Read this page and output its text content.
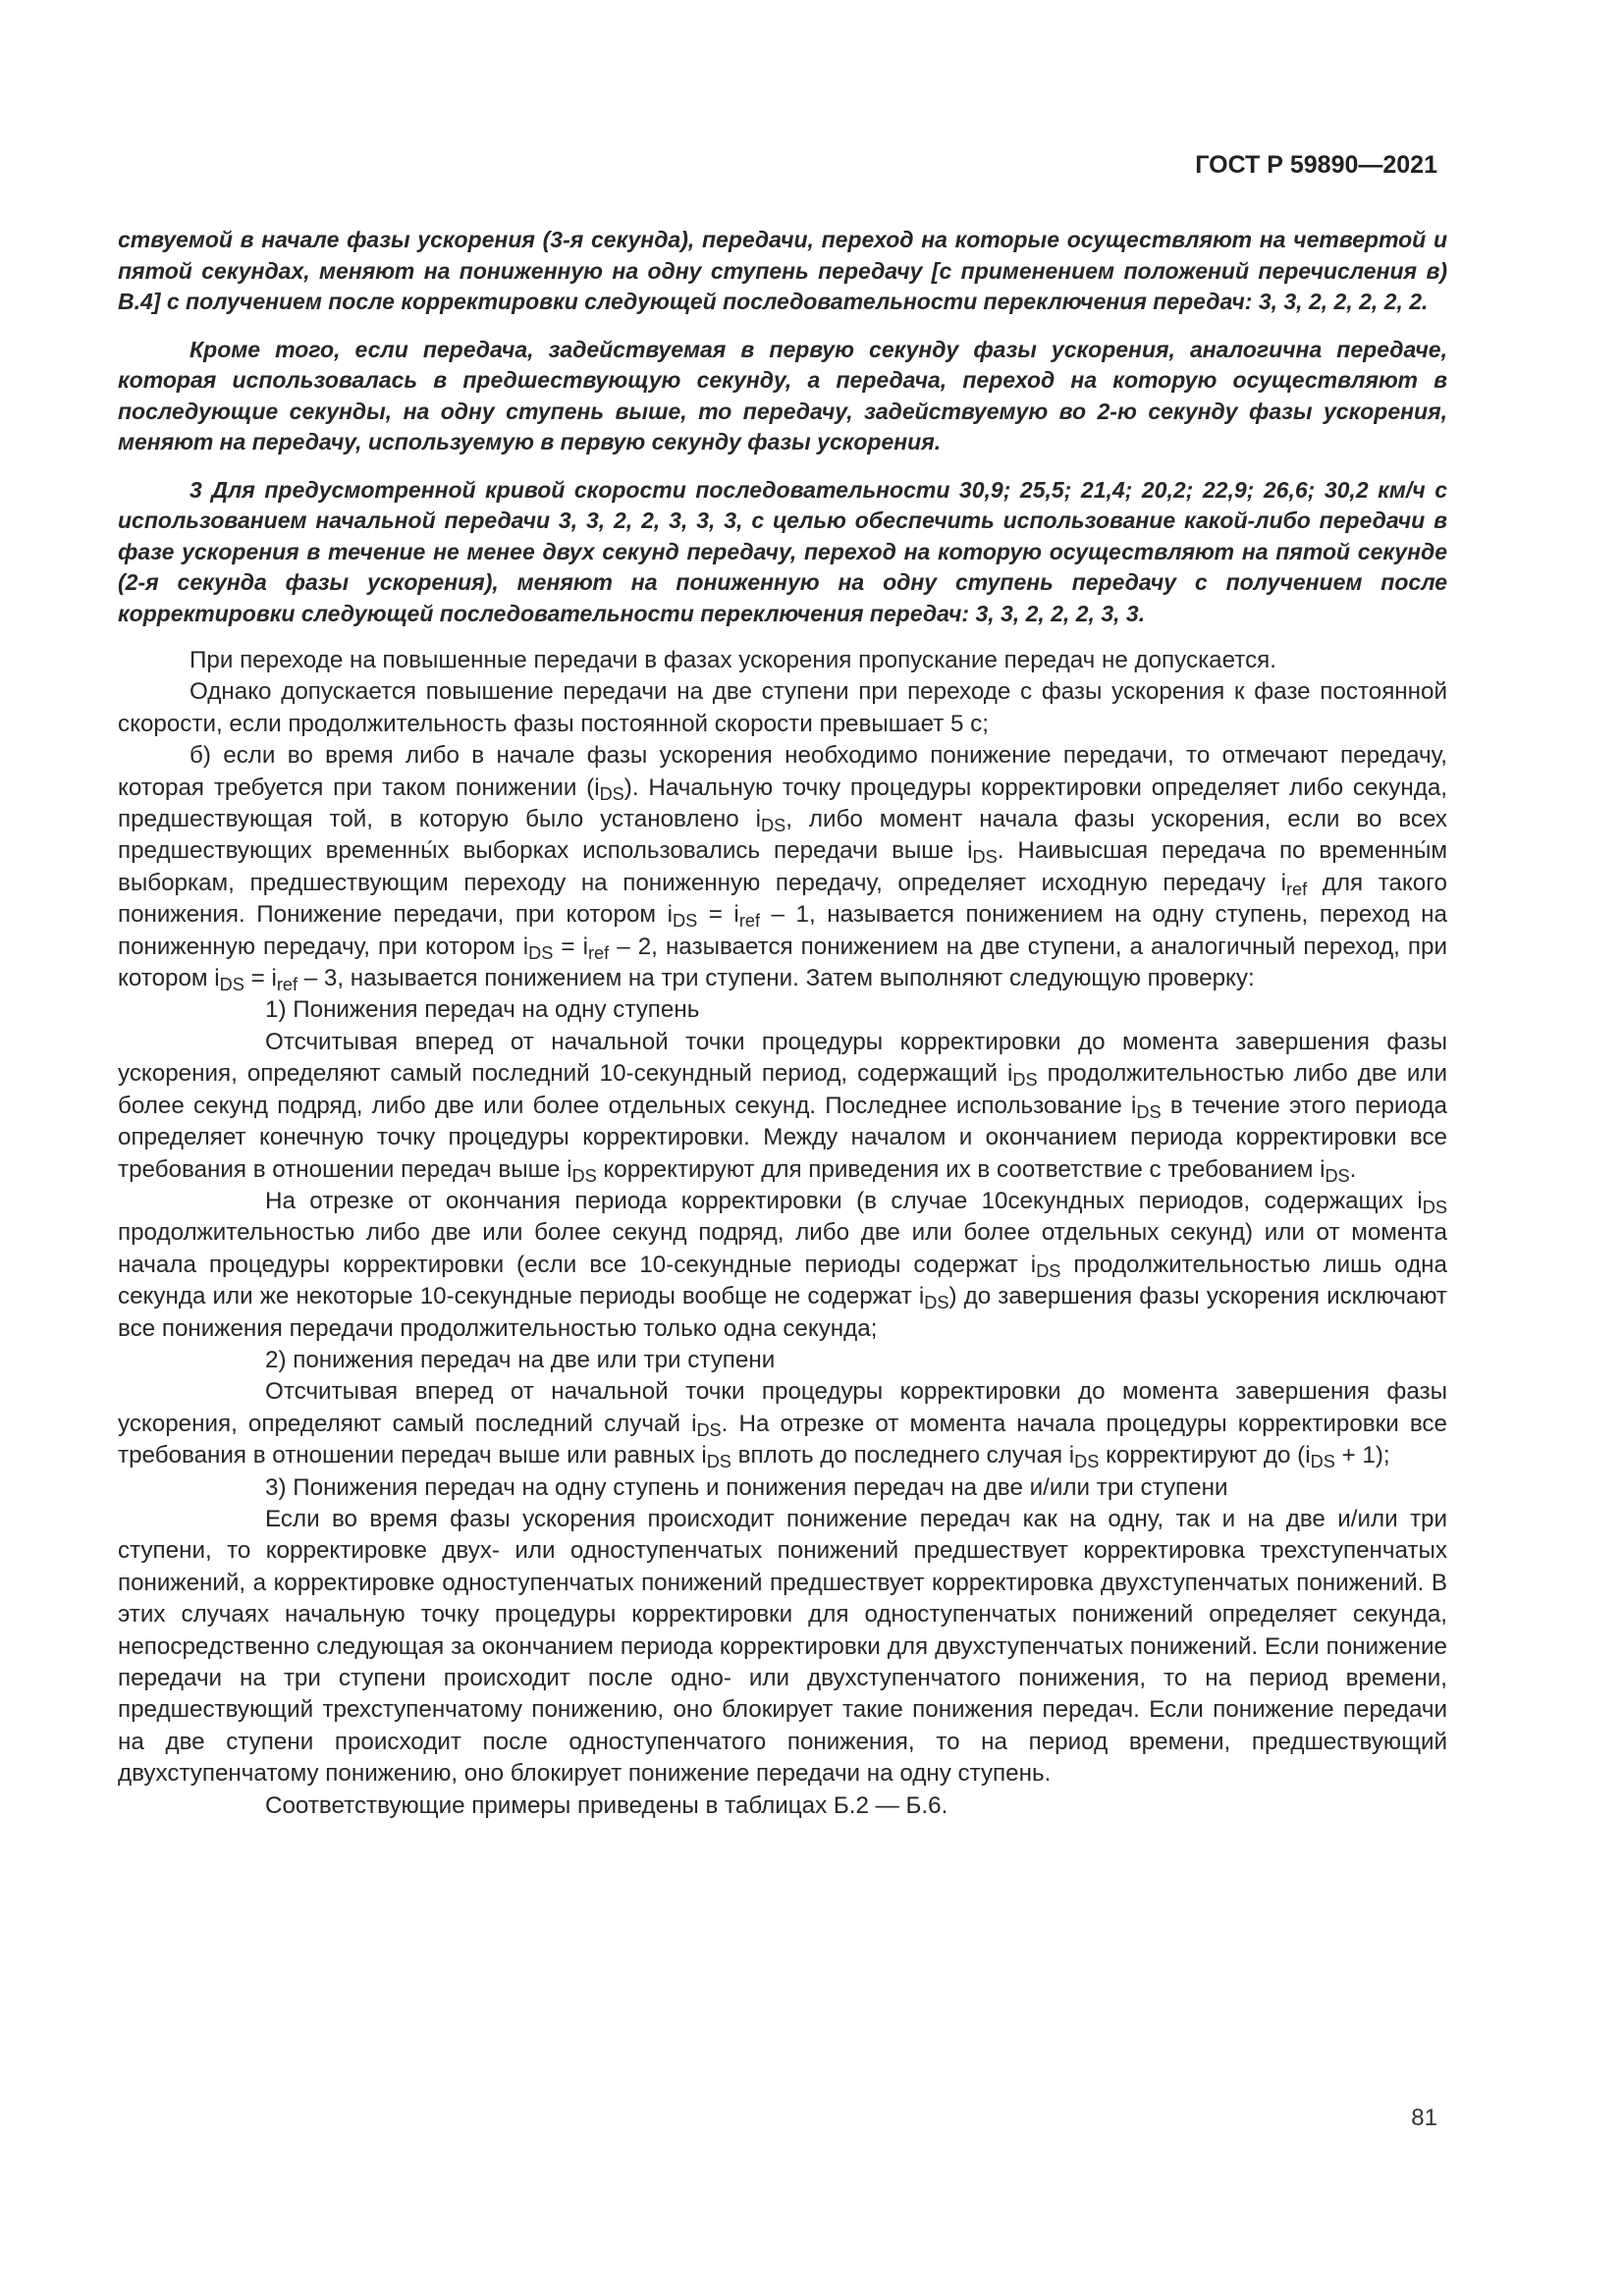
ГОСТ Р 59890—2021

ствуемой в начале фазы ускорения (3-я секунда), передачи, переход на которые осуществляют на четвертой и пятой секундах, меняют на пониженную на одну ступень передачу [с применением положений перечисления в) В.4] с получением после корректировки следующей последовательности переключения передач: 3, 3, 2, 2, 2, 2, 2.

Кроме того, если передача, задействуемая в первую секунду фазы ускорения, аналогична передаче, которая использовалась в предшествующую секунду, а передача, переход на которую осуществляют в последующие секунды, на одну ступень выше, то передачу, задействуемую во 2-ю секунду фазы ускорения, меняют на передачу, используемую в первую секунду фазы ускорения.

3 Для предусмотренной кривой скорости последовательности 30,9; 25,5; 21,4; 20,2; 22,9; 26,6; 30,2 км/ч с использованием начальной передачи 3, 3, 2, 2, 3, 3, 3, с целью обеспечить использование какой-либо передачи в фазе ускорения в течение не менее двух секунд передачу, переход на которую осуществляют на пятой секунде (2-я секунда фазы ускорения), меняют на пониженную на одну ступень передачу с получением после корректировки следующей последовательности переключения передач: 3, 3, 2, 2, 2, 3, 3.

При переходе на повышенные передачи в фазах ускорения пропускание передач не допускается.

Однако допускается повышение передачи на две ступени при переходе с фазы ускорения к фазе постоянной скорости, если продолжительность фазы постоянной скорости превышает 5 с;

б) если во время либо в начале фазы ускорения необходимо понижение передачи, то отмечают передачу, которая требуется при таком понижении $(i_{DS})$. Начальную точку процедуры корректировки определяет либо секунда, предшествующая той, в которую было установлено $i_{DS}$, либо момент начала фазы ускорения, если во всех предшествующих временны́х выборках использовались передачи выше $i_{DS}$. Наивысшая передача по временны́м выборкам, предшествующим переходу на пониженную передачу, определяет исходную передачу $i_{ref}$ для такого понижения. Понижение передачи, при котором $i_{DS} = i_{ref} - 1$, называется понижением на одну ступень, переход на пониженную передачу, при котором $i_{DS} = i_{ref} - 2$, называется понижением на две ступени, а аналогичный переход, при котором $i_{DS} = i_{ref} - 3$, называется понижением на три ступени. Затем выполняют следующую проверку:

1) Понижения передач на одну ступень

Отсчитывая вперед от начальной точки процедуры корректировки до момента завершения фазы ускорения, определяют самый последний 10-секундный период, содержащий $i_{DS}$ продолжительностью либо две или более секунд подряд, либо две или более отдельных секунд. Последнее использование $i_{DS}$ в течение этого периода определяет конечную точку процедуры корректировки. Между началом и окончанием периода корректировки все требования в отношении передач выше $i_{DS}$ корректируют для приведения их в соответствие с требованием $i_{DS}$.

На отрезке от окончания периода корректировки (в случае 10секундных периодов, содержащих $i_{DS}$ продолжительностью либо две или более секунд подряд, либо две или более отдельных секунд) или от момента начала процедуры корректировки (если все 10-секундные периоды содержат $i_{DS}$ продолжительностью лишь одна секунда или же некоторые 10-секундные периоды вообще не содержат $i_{DS}$) до завершения фазы ускорения исключают все понижения передачи продолжительностью только одна секунда;

2) понижения передач на две или три ступени

Отсчитывая вперед от начальной точки процедуры корректировки до момента завершения фазы ускорения, определяют самый последний случай $i_{DS}$. На отрезке от момента начала процедуры корректировки все требования в отношении передач выше или равных $i_{DS}$ вплоть до последнего случая $i_{DS}$ корректируют до $(i_{DS} + 1)$;

3) Понижения передач на одну ступень и понижения передач на две и/или три ступени

Если во время фазы ускорения происходит понижение передач как на одну, так и на две и/или три ступени, то корректировке двух- или одноступенчатых понижений предшествует корректировка трехступенчатых понижений, а корректировке одноступенчатых понижений предшествует корректировка двухступенчатых понижений. В этих случаях начальную точку процедуры корректировки для одноступенчатых понижений определяет секунда, непосредственно следующая за окончанием периода корректировки для двухступенчатых понижений. Если понижение передачи на три ступени происходит после одно- или двухступенчатого понижения, то на период времени, предшествующий трехступенчатому понижению, оно блокирует такие понижения передач. Если понижение передачи на две ступени происходит после одноступенчатого понижения, то на период времени, предшествующий двухступенчатому понижению, оно блокирует понижение передачи на одну ступень.

Соответствующие примеры приведены в таблицах Б.2 — Б.6.

81
